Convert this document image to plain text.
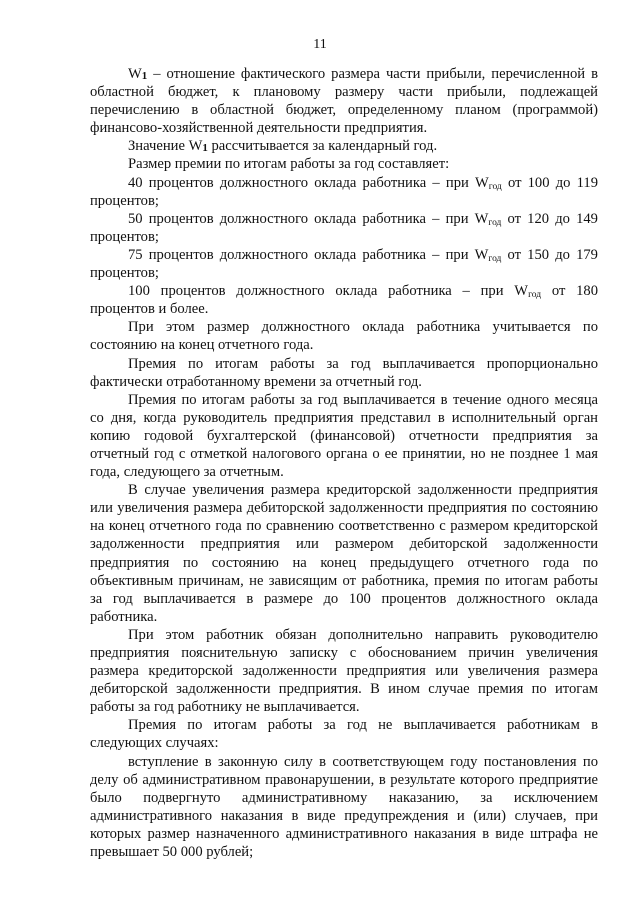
11

W1 – отношение фактического размера части прибыли, перечисленной в областной бюджет, к плановому размеру части прибыли, подлежащей перечислению в областной бюджет, определенному планом (программой) финансово-хозяйственной деятельности предприятия.

Значение W1 рассчитывается за календарный год.

Размер премии по итогам работы за год составляет:

40 процентов должностного оклада работника – при $W_{год}$ от 100 до 119 процентов;

50 процентов должностного оклада работника – при $W_{год}$ от 120 до 149 процентов;

75 процентов должностного оклада работника – при $W_{год}$ от 150 до 179 процентов;

100 процентов должностного оклада работника – при $W_{год}$ от 180 процентов и более.

При этом размер должностного оклада работника учитывается по состоянию на конец отчетного года.

Премия по итогам работы за год выплачивается пропорционально фактически отработанному времени за отчетный год.

Премия по итогам работы за год выплачивается в течение одного месяца со дня, когда руководитель предприятия представил в исполнительный орган копию годовой бухгалтерской (финансовой) отчетности предприятия за отчетный год с отметкой налогового органа о ее принятии, но не позднее 1 мая года, следующего за отчетным.

В случае увеличения размера кредиторской задолженности предприятия или увеличения размера дебиторской задолженности предприятия по состоянию на конец отчетного года по сравнению соответственно с размером кредиторской задолженности предприятия или размером дебиторской задолженности предприятия по состоянию на конец предыдущего отчетного года по объективным причинам, не зависящим от работника, премия по итогам работы за год выплачивается в размере до 100 процентов должностного оклада работника.

При этом работник обязан дополнительно направить руководителю предприятия пояснительную записку с обоснованием причин увеличения размера кредиторской задолженности предприятия или увеличения размера дебиторской задолженности предприятия. В ином случае премия по итогам работы за год работнику не выплачивается.

Премия по итогам работы за год не выплачивается работникам в следующих случаях:

вступление в законную силу в соответствующем году постановления по делу об административном правонарушении, в результате которого предприятие было подвергнуто административному наказанию, за исключением административного наказания в виде предупреждения и (или) случаев, при которых размер назначенного административного наказания в виде штрафа не превышает 50 000 рублей;
